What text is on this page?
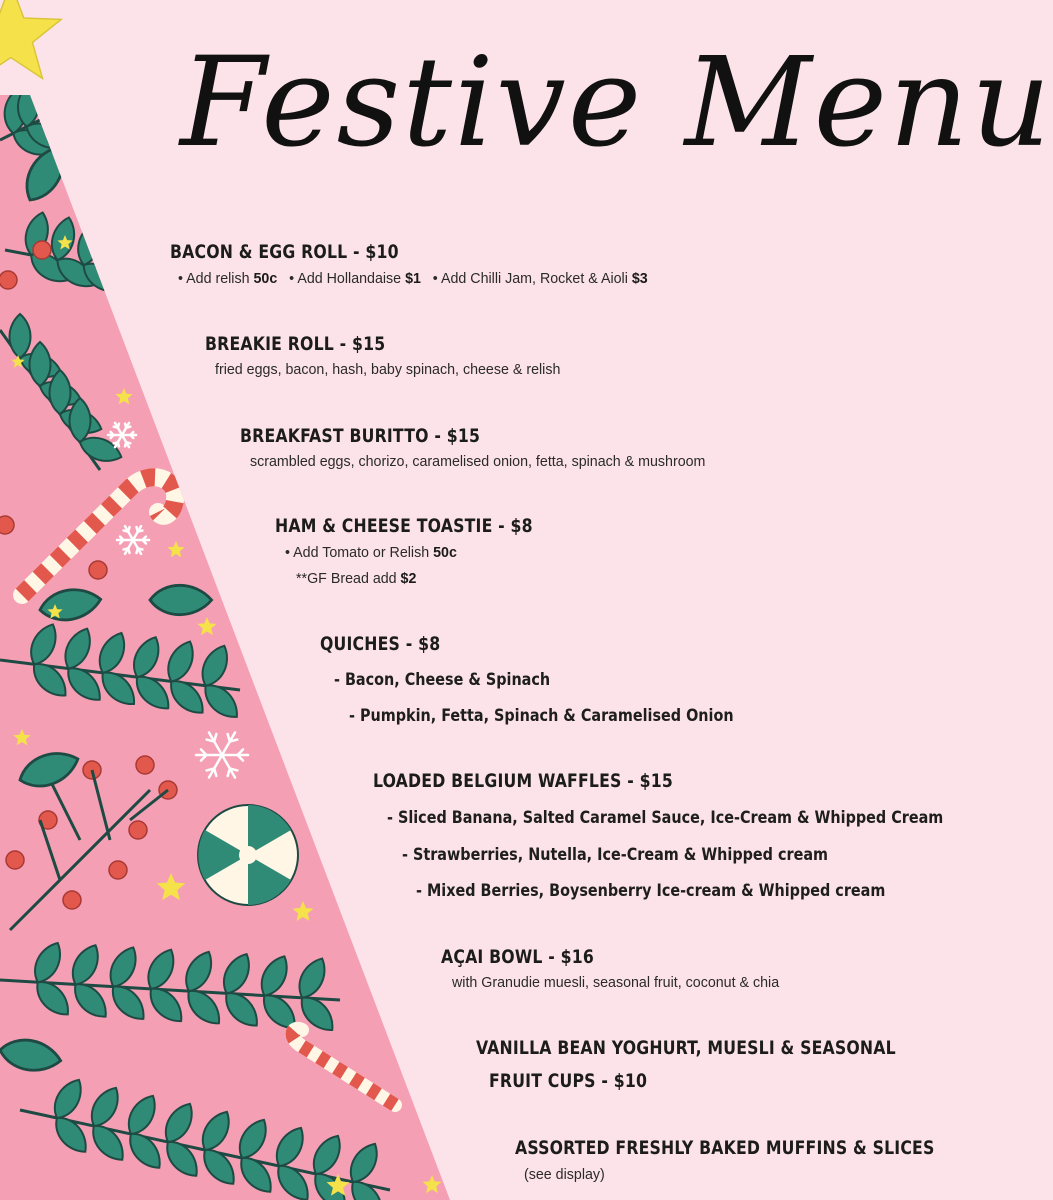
Festive Menu
BACON & EGG ROLL - $10
• Add relish 50c • Add Hollandaise $1 • Add Chilli Jam, Rocket & Aioli $3
BREAKIE ROLL - $15
fried eggs, bacon, hash, baby spinach, cheese & relish
BREAKFAST BURITTO - $15
scrambled eggs, chorizo, caramelised onion, fetta, spinach & mushroom
HAM & CHEESE TOASTIE - $8
• Add Tomato or Relish 50c
**GF Bread add $2
QUICHES - $8
- Bacon, Cheese & Spinach
- Pumpkin, Fetta, Spinach & Caramelised Onion
LOADED BELGIUM WAFFLES - $15
- Sliced Banana, Salted Caramel Sauce, Ice-Cream & Whipped Cream
- Strawberries, Nutella, Ice-Cream & Whipped cream
- Mixed Berries, Boysenberry Ice-cream & Whipped cream
AÇAI BOWL - $16
with Granudie muesli, seasonal fruit, coconut & chia
VANILLA BEAN YOGHURT, MUESLI & SEASONAL
FRUIT CUPS - $10
ASSORTED FRESHLY BAKED MUFFINS & SLICES
(see display)
